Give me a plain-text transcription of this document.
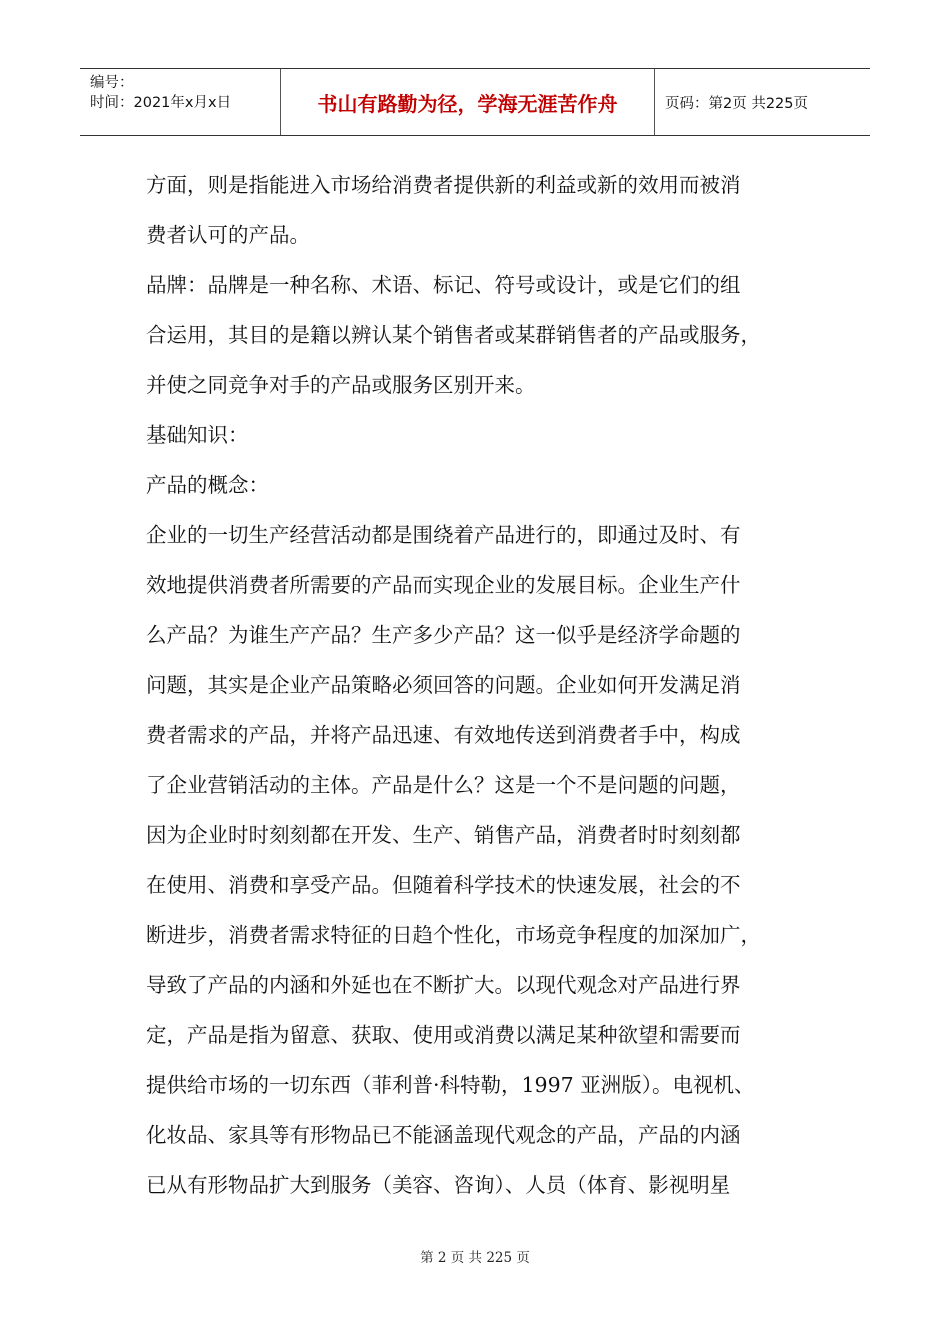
编号：
时间：2021年x月x日	书山有路勤为径，学海无涯苦作舟	页码：第2页 共225页
方面，则是指能进入市场给消费者提供新的利益或新的效用而被消
费者认可的产品。
品牌：品牌是一种名称、术语、标记、符号或设计，或是它们的组
合运用，其目的是籍以辨认某个销售者或某群销售者的产品或服务，
并使之同竞争对手的产品或服务区别开来。
基础知识：
产品的概念：
企业的一切生产经营活动都是围绕着产品进行的，即通过及时、有
效地提供消费者所需要的产品而实现企业的发展目标。企业生产什
么产品？为谁生产产品？生产多少产品？这一似乎是经济学命题的
问题，其实是企业产品策略必须回答的问题。企业如何开发满足消
费者需求的产品，并将产品迅速、有效地传送到消费者手中，构成
了企业营销活动的主体。产品是什么？这是一个不是问题的问题，
因为企业时时刻刻都在开发、生产、销售产品，消费者时时刻刻都
在使用、消费和享受产品。但随着科学技术的快速发展，社会的不
断进步，消费者需求特征的日趋个性化，市场竞争程度的加深加广，
导致了产品的内涵和外延也在不断扩大。以现代观念对产品进行界
定，产品是指为留意、获取、使用或消费以满足某种欲望和需要而
提供给市场的一切东西（菲利普·科特勒，1997 亚洲版）。电视机、
化妆品、家具等有形物品已不能涵盖现代观念的产品，产品的内涵
已从有形物品扩大到服务（美容、咨询）、人员（体育、影视明星
第 2 页 共 225 页
